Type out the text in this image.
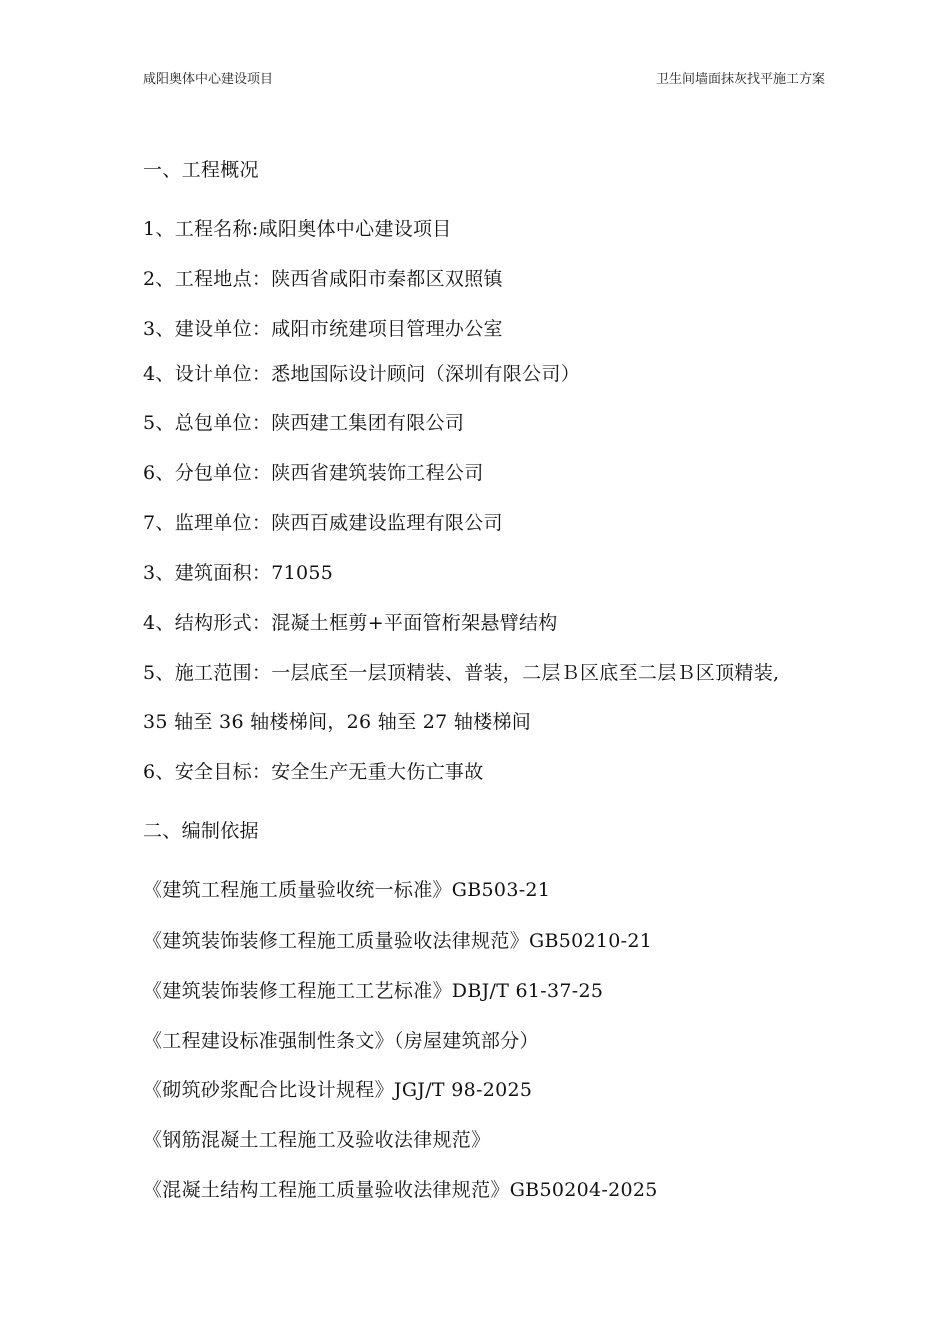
咸阳奥体中心建设项目	卫生间墙面抹灰找平施工方案
一、工程概况
1、工程名称:咸阳奥体中心建设项目
2、工程地点：陕西省咸阳市秦都区双照镇
3、建设单位：咸阳市统建项目管理办公室
4、设计单位：悉地国际设计顾问（深圳有限公司）
5、总包单位：陕西建工集团有限公司
6、分包单位：陕西省建筑装饰工程公司
7、监理单位：陕西百威建设监理有限公司
3、建筑面积：71055
4、结构形式：混凝土框剪+平面管桁架悬臂结构
5、施工范围：一层底至一层顶精装、普装，二层Ｂ区底至二层Ｂ区顶精装,
35 轴至 36 轴楼梯间，26 轴至 27 轴楼梯间
6、安全目标：安全生产无重大伤亡事故
二、编制依据
《建筑工程施工质量验收统一标准》GB503-21
《建筑装饰装修工程施工质量验收法律规范》GB50210-21
《建筑装饰装修工程施工工艺标准》DBJ/T 61-37-25
《工程建设标准强制性条文》（房屋建筑部分）
《砌筑砂浆配合比设计规程》JGJ/T 98-2025
《钢筋混凝土工程施工及验收法律规范》
《混凝土结构工程施工质量验收法律规范》GB50204-2025
